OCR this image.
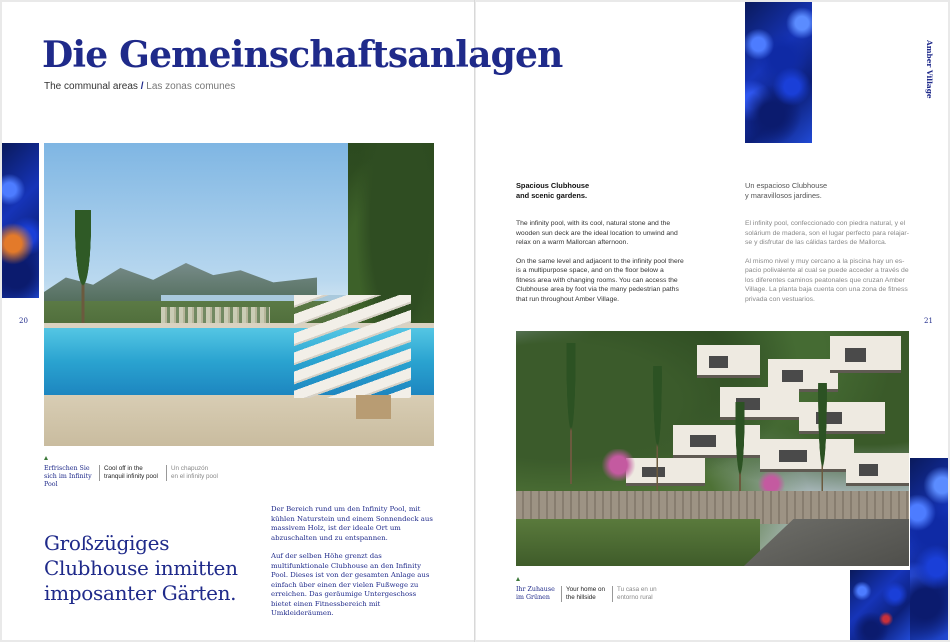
Die Gemeinschaftsanlagen
The communal areas / Las zonas comunes
20
Erfrischen Sie
sich im Infinity Pool
Cool off in the
tranquil infinity pool
Un chapuzón
en el infinity pool
Großzügiges
Clubhouse inmitten
imposanter Gärten.

Der Bereich rund um den Infinity Pool, mit kühlen Naturstein und einem Sonnendeck aus massivem Holz, ist der ideale Ort um abzuschalten und zu entspannen.

Auf der selben Höhe grenzt das multifunktionale Clubhouse an den Infinity Pool. Dieses ist von der gesamten Anlage aus einfach über einen der vielen Fußwege zu erreichen. Das geräumige Untergeschoss bietet einen Fitnessbereich mit Umkleideräumen.

Amber Village
21
Spacious Clubhouse
and scenic gardens.

The infinity pool, with its cool, natural stone and the wooden sun deck are the ideal location to unwind and relax on a warm Mallorcan afternoon.

On the same level and adjacent to the infinity pool there is a multipurpose space, and on the floor below a fitness area with changing rooms. You can access the Clubhouse area by foot via the many pedestrian paths that run throughout Amber Village.

Un espacioso Clubhouse
y maravillosos jardines.

El infinity pool, confeccionado con piedra natural, y el solárium de madera, son el lugar perfecto para relajarse y disfrutar de las cálidas tardes de Mallorca.

Al mismo nivel y muy cercano a la piscina hay un espacio polivalente al cual se puede acceder a través de los diferentes caminos peatonales que cruzan Amber Village. La planta baja cuenta con una zona de fitness privada con vestuarios.

Ihr Zuhause
im Grünen
Your home on
the hillside
Tu casa en un
entorno rural
